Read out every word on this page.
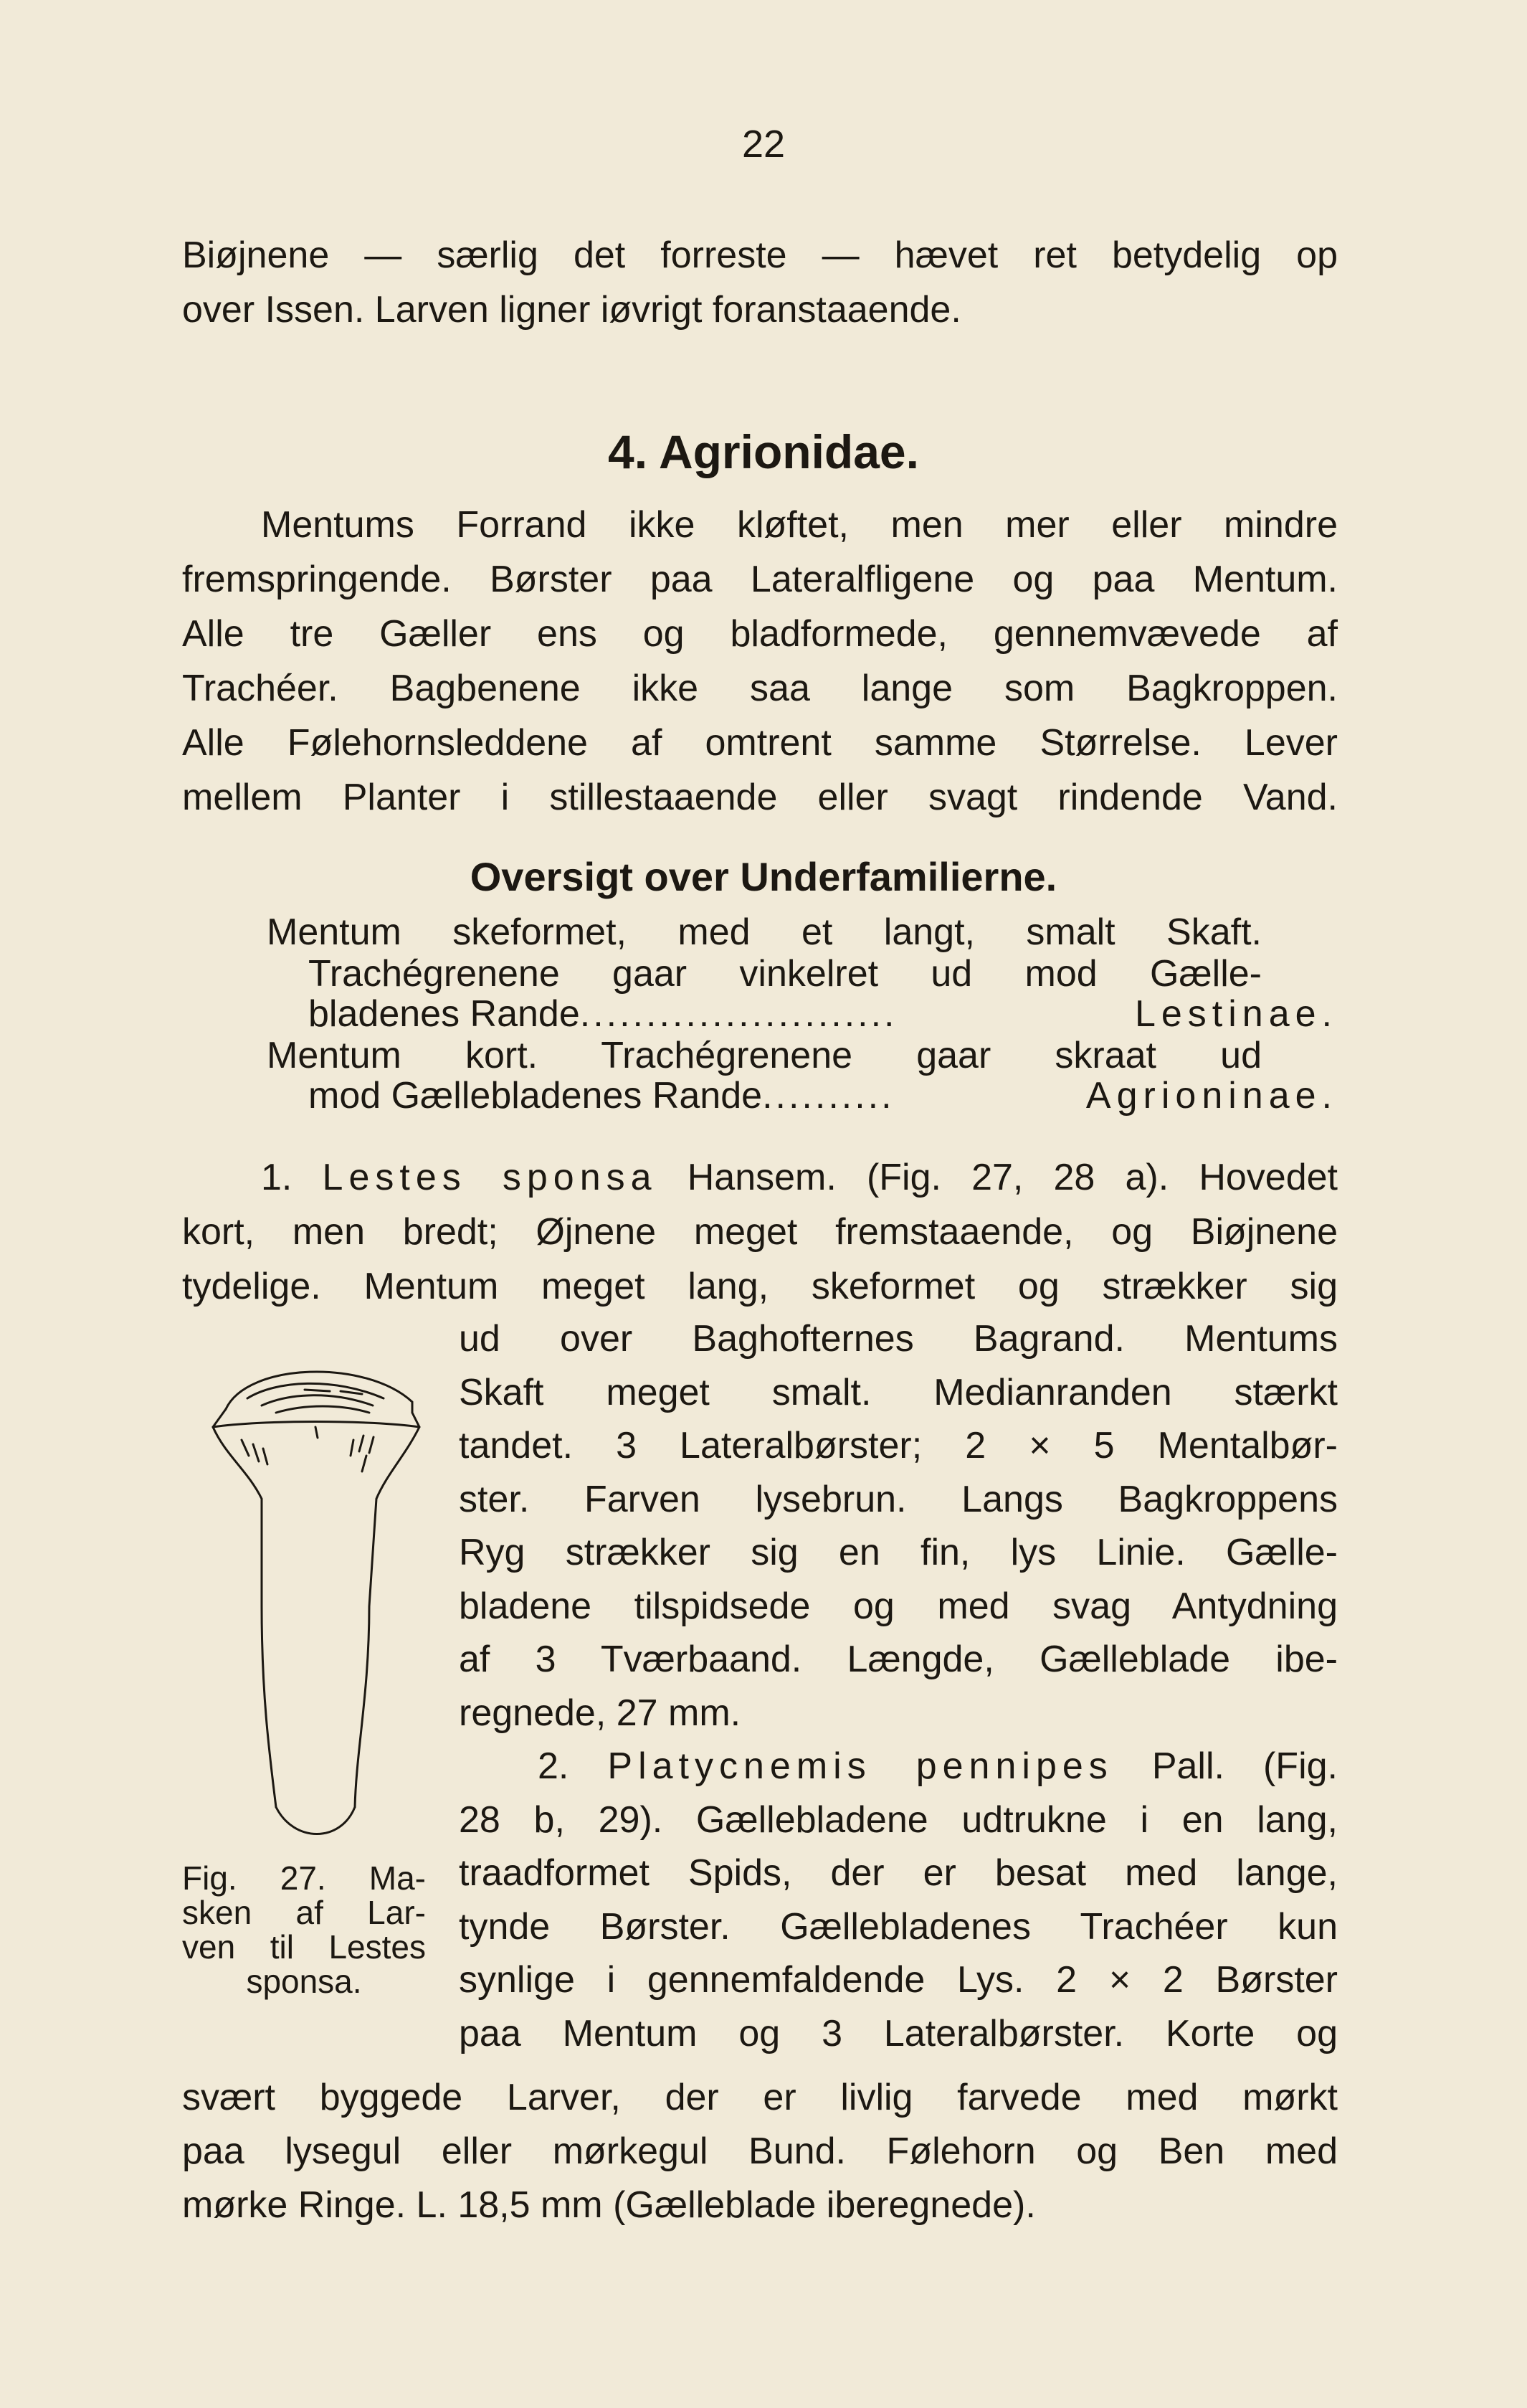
22
Biøjnene — særlig det forreste — hævet ret betydelig op
over Issen. Larven ligner iøvrigt foranstaaende.
4. Agrionidae.
Mentums Forrand ikke kløftet, men mer eller mindre
fremspringende. Børster paa Lateralfligene og paa Mentum.
Alle tre Gæller ens og bladformede, gennemvævede af
Trachéer. Bagbenene ikke saa lange som Bagkroppen.
Alle Følehornsleddene af omtrent samme Størrelse. Lever
mellem Planter i stillestaaende eller svagt rindende Vand.
Oversigt over Underfamilierne.
Mentum skeformet, med et langt, smalt Skaft.
Trachégrenene gaar vinkelret ud mod Gælle-
bladenes Rande ........................	Lestinae.
Mentum kort. Trachégrenene gaar skraat ud
mod Gællebladenes Rande ..........	Agrioninae.
1. Lestes sponsa Hansem. (Fig. 27, 28 a). Hovedet
kort, men bredt; Øjnene meget fremstaaende, og Biøjnene
tydelige. Mentum meget lang, skeformet og strækker sig
ud over Baghofternes Bagrand. Mentums
Skaft meget smalt. Medianranden stærkt
tandet. 3 Lateralbørster; 2 × 5 Mentalbør-
ster. Farven lysebrun. Langs Bagkroppens
Ryg strækker sig en fin, lys Linie. Gælle-
bladene tilspidsede og med svag Antydning
af 3 Tværbaand. Længde, Gælleblade ibe-
regnede, 27 mm.
2. Platycnemis pennipes Pall. (Fig.
28 b, 29). Gællebladene udtrukne i en lang,
traadformet Spids, der er besat med lange,
tynde Børster. Gællebladenes Trachéer kun
synlige i gennemfaldende Lys. 2 × 2 Børster
paa Mentum og 3 Lateralbørster. Korte og
svært byggede Larver, der er livlig farvede med mørkt
paa lysegul eller mørkegul Bund. Følehorn og Ben med
mørke Ringe. L. 18,5 mm (Gælleblade iberegnede).
Fig. 27. Ma-
sken af Lar-
ven til Lestes
sponsa.
